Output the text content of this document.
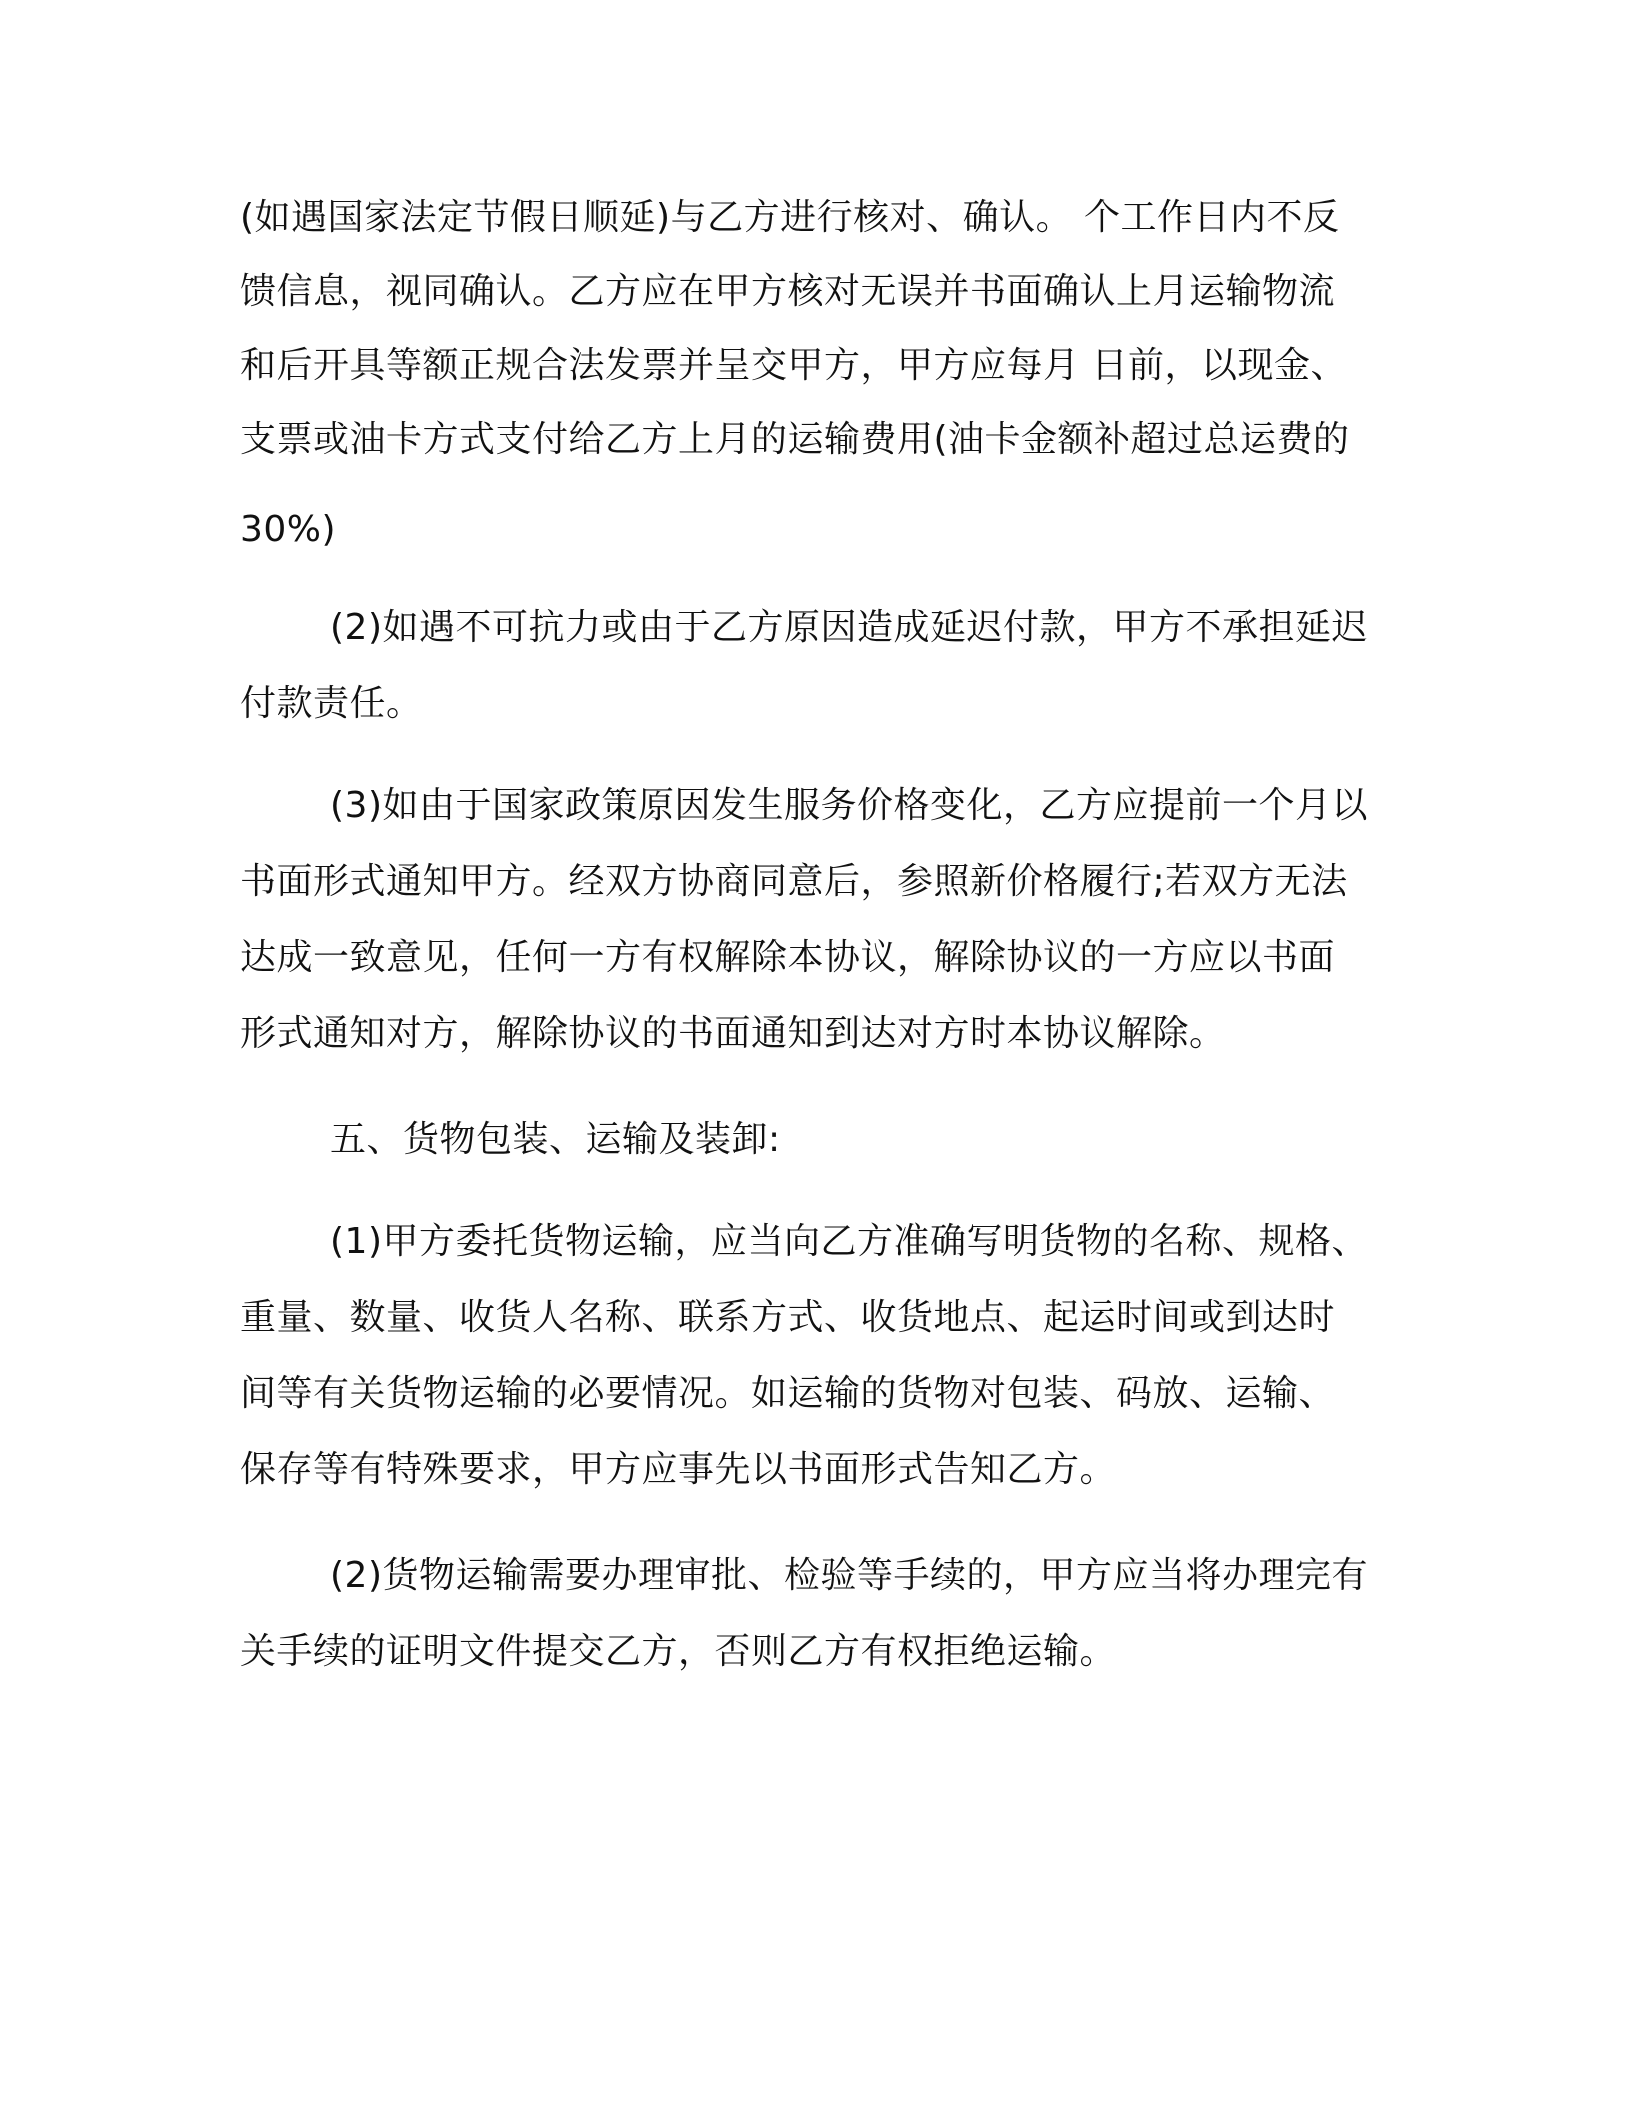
(如遇国家法定节假日顺延)与乙方进行核对、确认。 个工作日内不反
馈信息，视同确认。乙方应在甲方核对无误并书面确认上月运输物流
和后开具等额正规合法发票并呈交甲方，甲方应每月 日前，以现金、
支票或油卡方式支付给乙方上月的运输费用(油卡金额补超过总运费的
30%)
(2)如遇不可抗力或由于乙方原因造成延迟付款，甲方不承担延迟
付款责任。
(3)如由于国家政策原因发生服务价格变化，乙方应提前一个月以
书面形式通知甲方。经双方协商同意后，参照新价格履行;若双方无法
达成一致意见，任何一方有权解除本协议，解除协议的一方应以书面
形式通知对方，解除协议的书面通知到达对方时本协议解除。
五、货物包装、运输及装卸:
(1)甲方委托货物运输，应当向乙方准确写明货物的名称、规格、
重量、数量、收货人名称、联系方式、收货地点、起运时间或到达时
间等有关货物运输的必要情况。如运输的货物对包装、码放、运输、
保存等有特殊要求，甲方应事先以书面形式告知乙方。
(2)货物运输需要办理审批、检验等手续的，甲方应当将办理完有
关手续的证明文件提交乙方，否则乙方有权拒绝运输。
